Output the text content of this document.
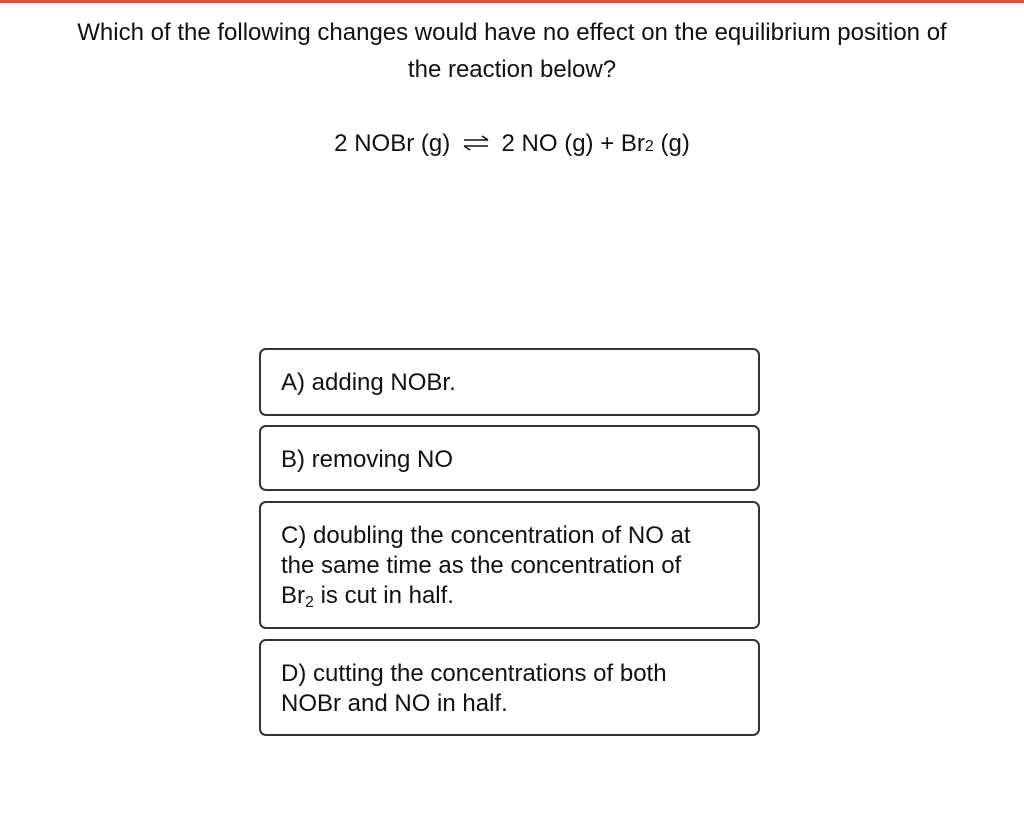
Which of the following changes would have no effect on the equilibrium position of
the reaction below?
2 NOBr (g) ⇌ 2 NO (g) + Br2 (g)
A) adding NOBr.
B) removing NO
C) doubling the concentration of NO at
the same time as the concentration of
$Br_2$ is cut in half.
D) cutting the concentrations of both
NOBr and NO in half.
